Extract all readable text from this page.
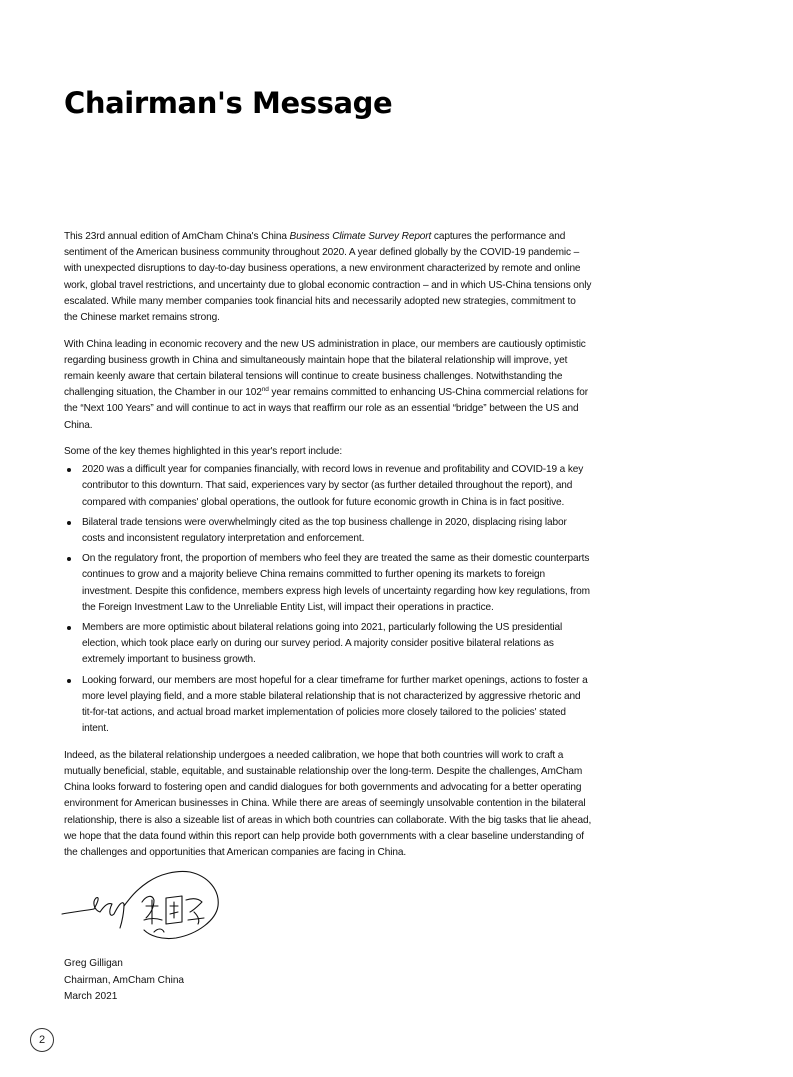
Chairman's Message

This 23rd annual edition of AmCham China's China Business Climate Survey Report captures the performance and sentiment of the American business community throughout 2020. A year defined globally by the COVID-19 pandemic – with unexpected disruptions to day-to-day business operations, a new environment characterized by remote and online work, global travel restrictions, and uncertainty due to global economic contraction – and in which US-China tensions only escalated. While many member companies took financial hits and necessarily adopted new strategies, commitment to the Chinese market remains strong.

With China leading in economic recovery and the new US administration in place, our members are cautiously optimistic regarding business growth in China and simultaneously maintain hope that the bilateral relationship will improve, yet remain keenly aware that certain bilateral tensions will continue to create business challenges. Notwithstanding the challenging situation, the Chamber in our 102nd year remains committed to enhancing US-China commercial relations for the “Next 100 Years” and will continue to act in ways that reaffirm our role as an essential “bridge” between the US and China.

Some of the key themes highlighted in this year's report include:

2020 was a difficult year for companies financially, with record lows in revenue and profitability and COVID-19 a key contributor to this downturn. That said, experiences vary by sector (as further detailed throughout the report), and compared with companies' global operations, the outlook for future economic growth in China is in fact positive.
Bilateral trade tensions were overwhelmingly cited as the top business challenge in 2020, displacing rising labor costs and inconsistent regulatory interpretation and enforcement.
On the regulatory front, the proportion of members who feel they are treated the same as their domestic counterparts continues to grow and a majority believe China remains committed to further opening its markets to foreign investment. Despite this confidence, members express high levels of uncertainty regarding how key regulations, from the Foreign Investment Law to the Unreliable Entity List, will impact their operations in practice.
Members are more optimistic about bilateral relations going into 2021, particularly following the US presidential election, which took place early on during our survey period. A majority consider positive bilateral relations as extremely important to business growth.
Looking forward, our members are most hopeful for a clear timeframe for further market openings, actions to foster a more level playing field, and a more stable bilateral relationship that is not characterized by aggressive rhetoric and tit-for-tat actions, and actual broad market implementation of policies more closely tailored to the policies' stated intent.

Indeed, as the bilateral relationship undergoes a needed calibration, we hope that both countries will work to craft a mutually beneficial, stable, equitable, and sustainable relationship over the long-term. Despite the challenges, AmCham China looks forward to fostering open and candid dialogues for both governments and advocating for a better operating environment for American businesses in China. While there are areas of seemingly unsolvable contention in the bilateral relationship, there is also a sizeable list of areas in which both countries can collaborate. With the big tasks that lie ahead, we hope that the data found within this report can help provide both governments with a clear baseline understanding of the challenges and opportunities that American companies are facing in China.

Greg Gilligan
Chairman, AmCham China
March 2021
2
